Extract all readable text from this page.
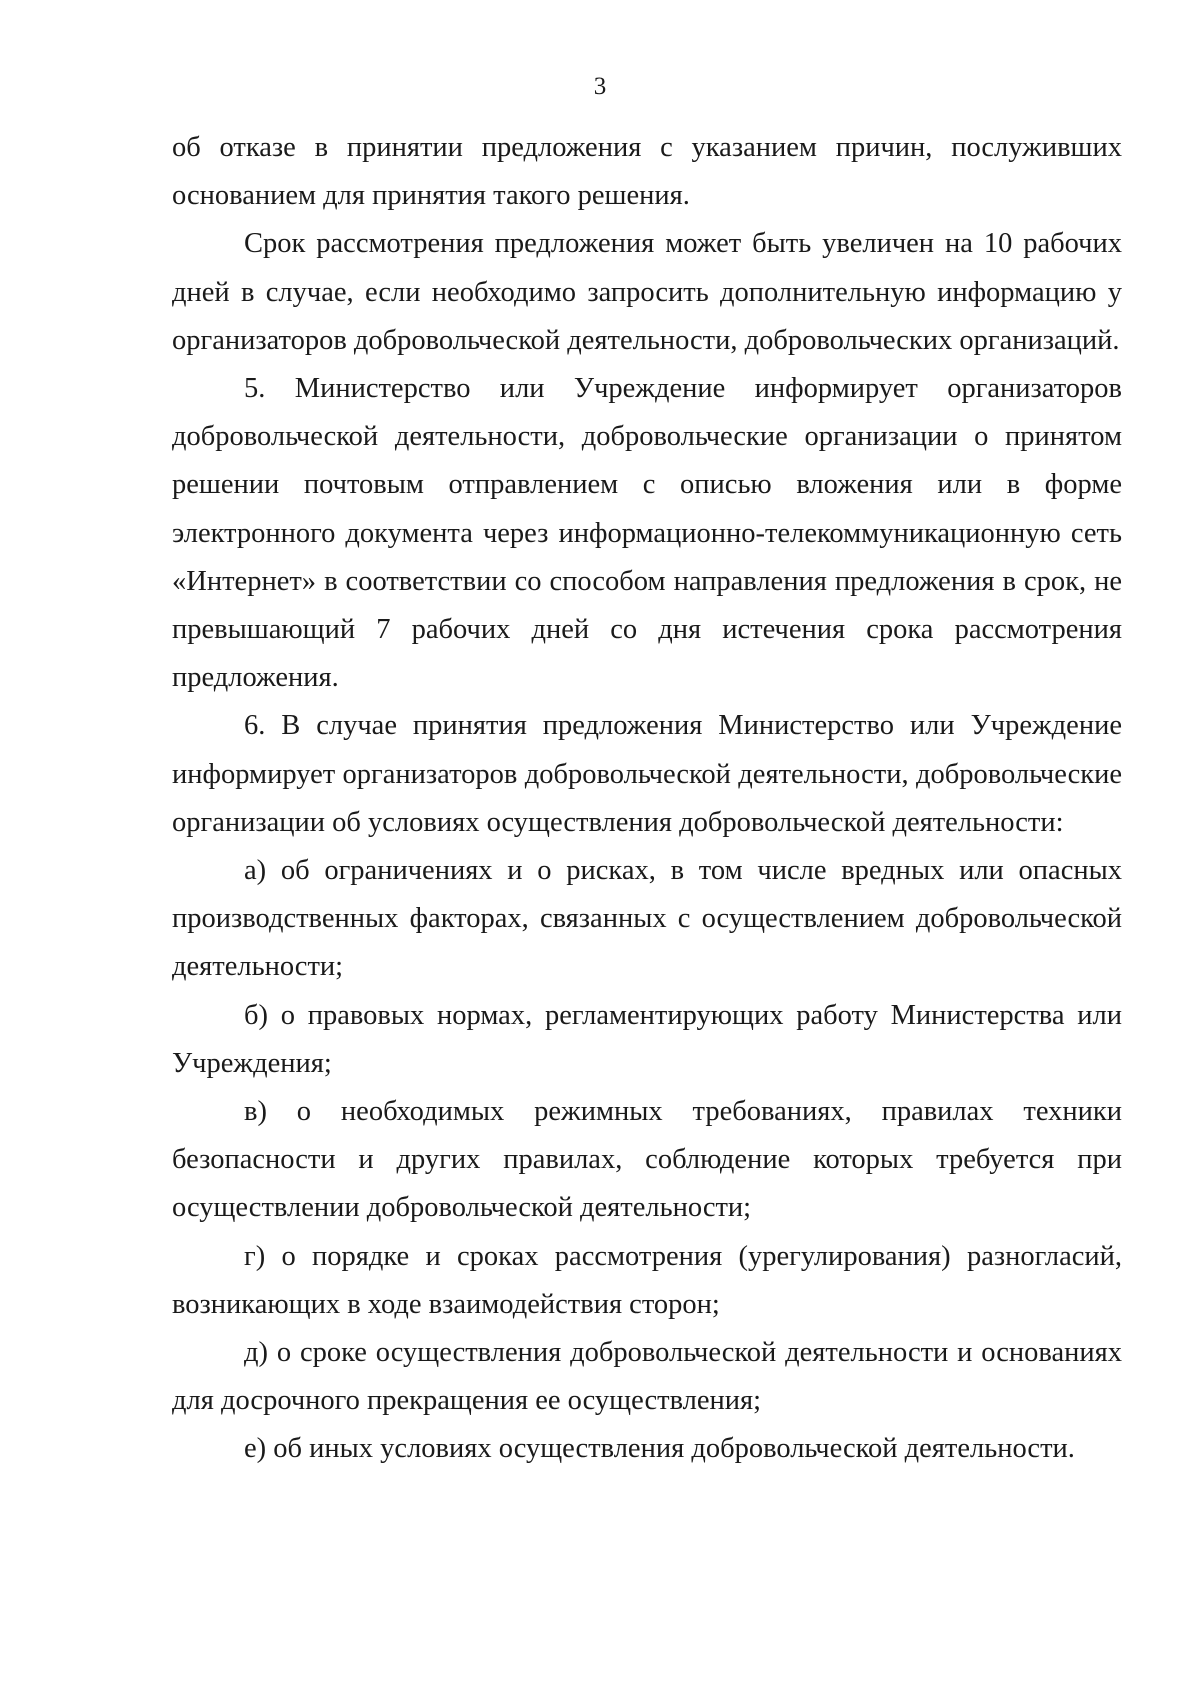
3

об отказе в принятии предложения с указанием причин, послуживших основанием для принятия такого решения.

Срок рассмотрения предложения может быть увеличен на 10 рабочих дней в случае, если необходимо запросить дополнительную информацию у организаторов добровольческой деятельности, добровольческих организаций.

5. Министерство или Учреждение информирует организаторов добровольческой деятельности, добровольческие организации о принятом решении почтовым отправлением с описью вложения или в форме электронного документа через информационно-телекоммуникационную сеть «Интернет» в соответствии со способом направления предложения в срок, не превышающий 7 рабочих дней со дня истечения срока рассмотрения предложения.

6. В случае принятия предложения Министерство или Учреждение информирует организаторов добровольческой деятельности, добровольческие организации об условиях осуществления добровольческой деятельности:

а) об ограничениях и о рисках, в том числе вредных или опасных производственных факторах, связанных с осуществлением добровольческой деятельности;

б) о правовых нормах, регламентирующих работу Министерства или Учреждения;

в) о необходимых режимных требованиях, правилах техники безопасности и других правилах, соблюдение которых требуется при осуществлении добровольческой деятельности;

г) о порядке и сроках рассмотрения (урегулирования) разногласий, возникающих в ходе взаимодействия сторон;

д) о сроке осуществления добровольческой деятельности и основаниях для досрочного прекращения ее осуществления;

е) об иных условиях осуществления добровольческой деятельности.
